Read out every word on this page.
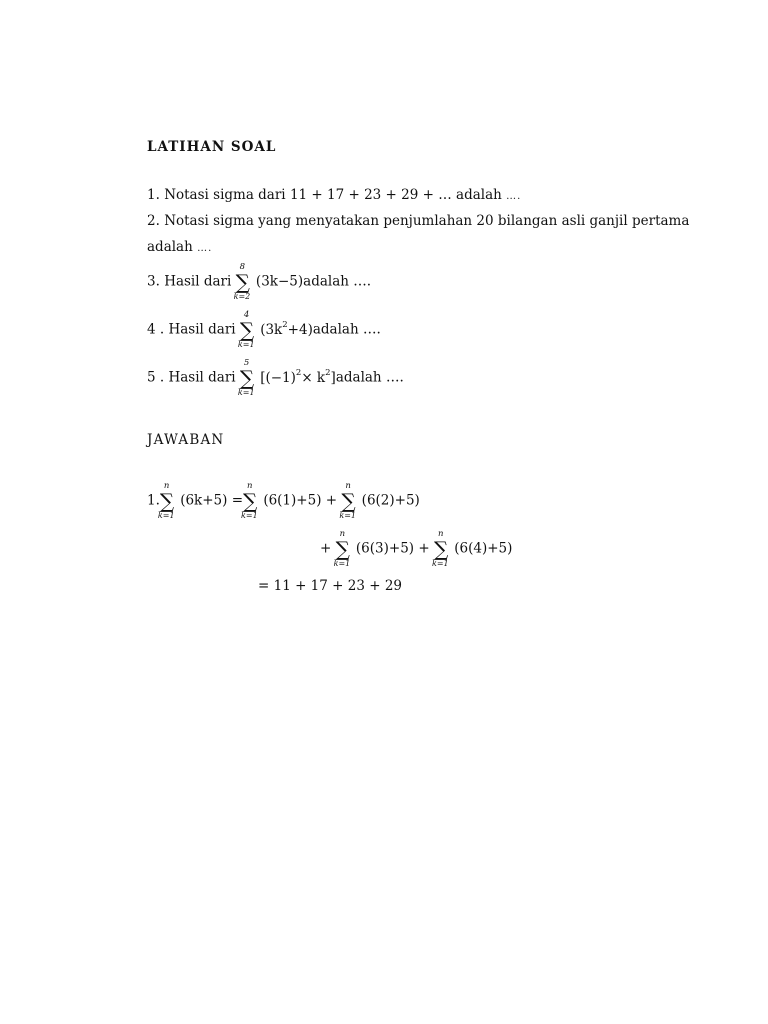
LATIHAN SOAL
1. Notasi sigma dari 11 + 17 + 23 + 29 + … adalah ….
2. Notasi sigma yang menyatakan penjumlahan 20 bilangan asli ganjil pertama
adalah ….
3. Hasil dari
8
∑
k=2
(3k−5)adalah ….
4 . Hasil dari
4
∑
k=1
$(3k^2+4)adalah$ ….
5 . Hasil dari
5
∑
k=1
[$(-1)^2\times$ $k^2]adalah$ ….
JAWABAN
1.
n
∑
k=1
(6k+5) =
n
∑
k=1
(6(1)+5) +
n
∑
k=1
(6(2)+5)
+
n
∑
k=1
(6(3)+5) +
n
∑
k=1
(6(4)+5)
= 11 + 17 + 23 + 29
